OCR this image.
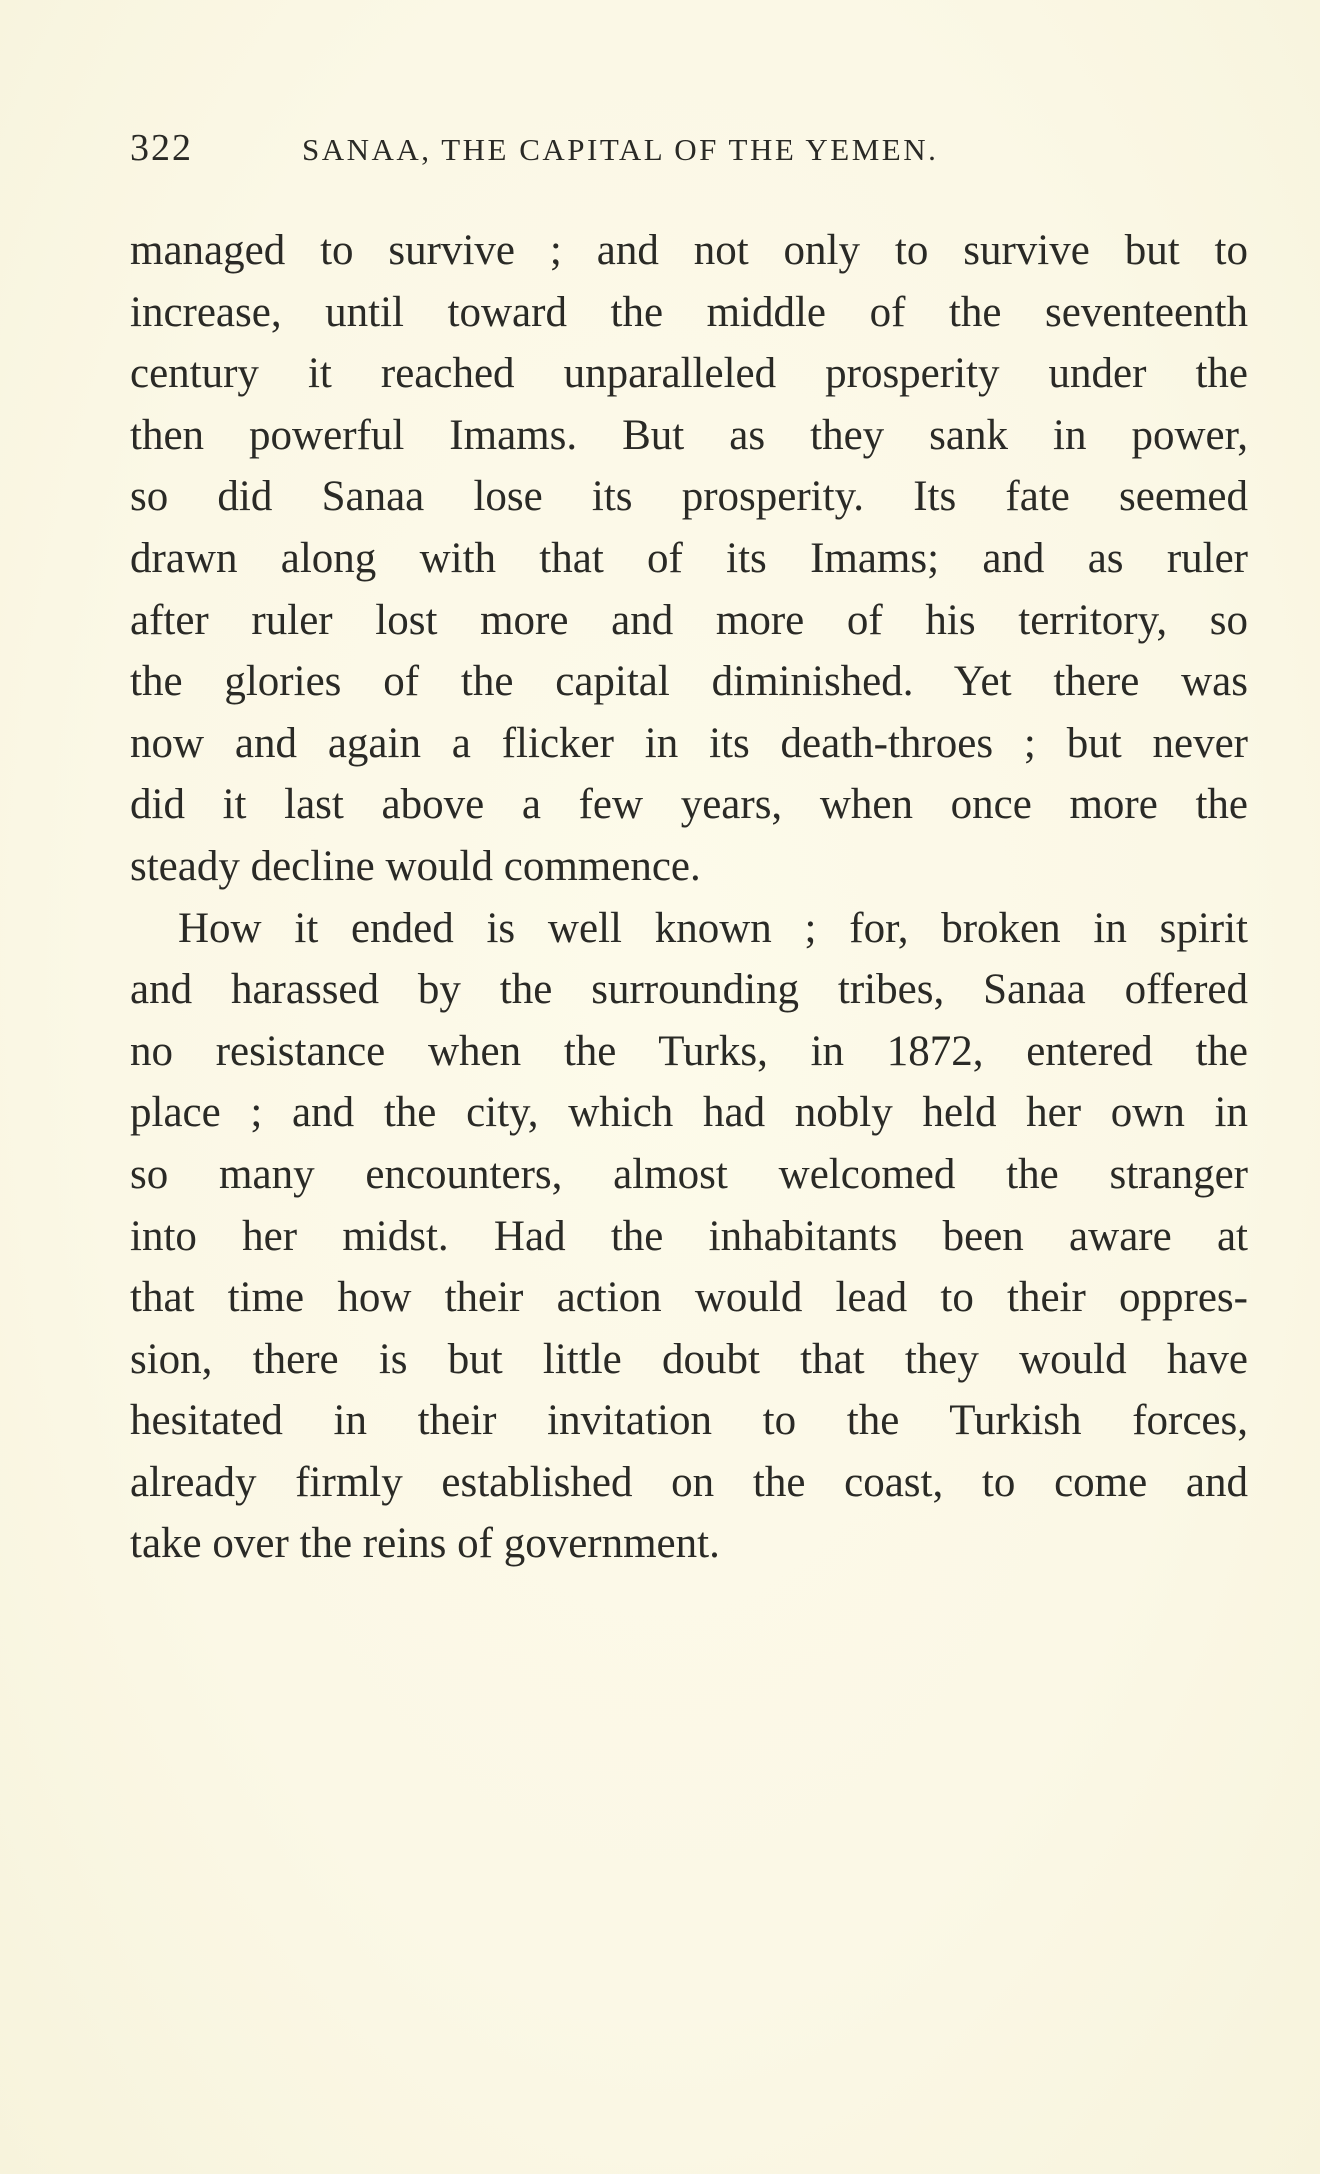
322	SANAA, THE CAPITAL OF THE YEMEN.
managed to survive ; and not only to survive but to
increase, until toward the middle of the seventeenth
century it reached unparalleled prosperity under the
then powerful Imams. But as they sank in power,
so did Sanaa lose its prosperity. Its fate seemed
drawn along with that of its Imams; and as ruler
after ruler lost more and more of his territory, so
the glories of the capital diminished. Yet there was
now and again a flicker in its death-throes ; but never
did it last above a few years, when once more the
steady decline would commence.
How it ended is well known ; for, broken in spirit
and harassed by the surrounding tribes, Sanaa offered
no resistance when the Turks, in 1872, entered the
place ; and the city, which had nobly held her own in
so many encounters, almost welcomed the stranger
into her midst. Had the inhabitants been aware at
that time how their action would lead to their oppres-
sion, there is but little doubt that they would have
hesitated in their invitation to the Turkish forces,
already firmly established on the coast, to come and
take over the reins of government.
